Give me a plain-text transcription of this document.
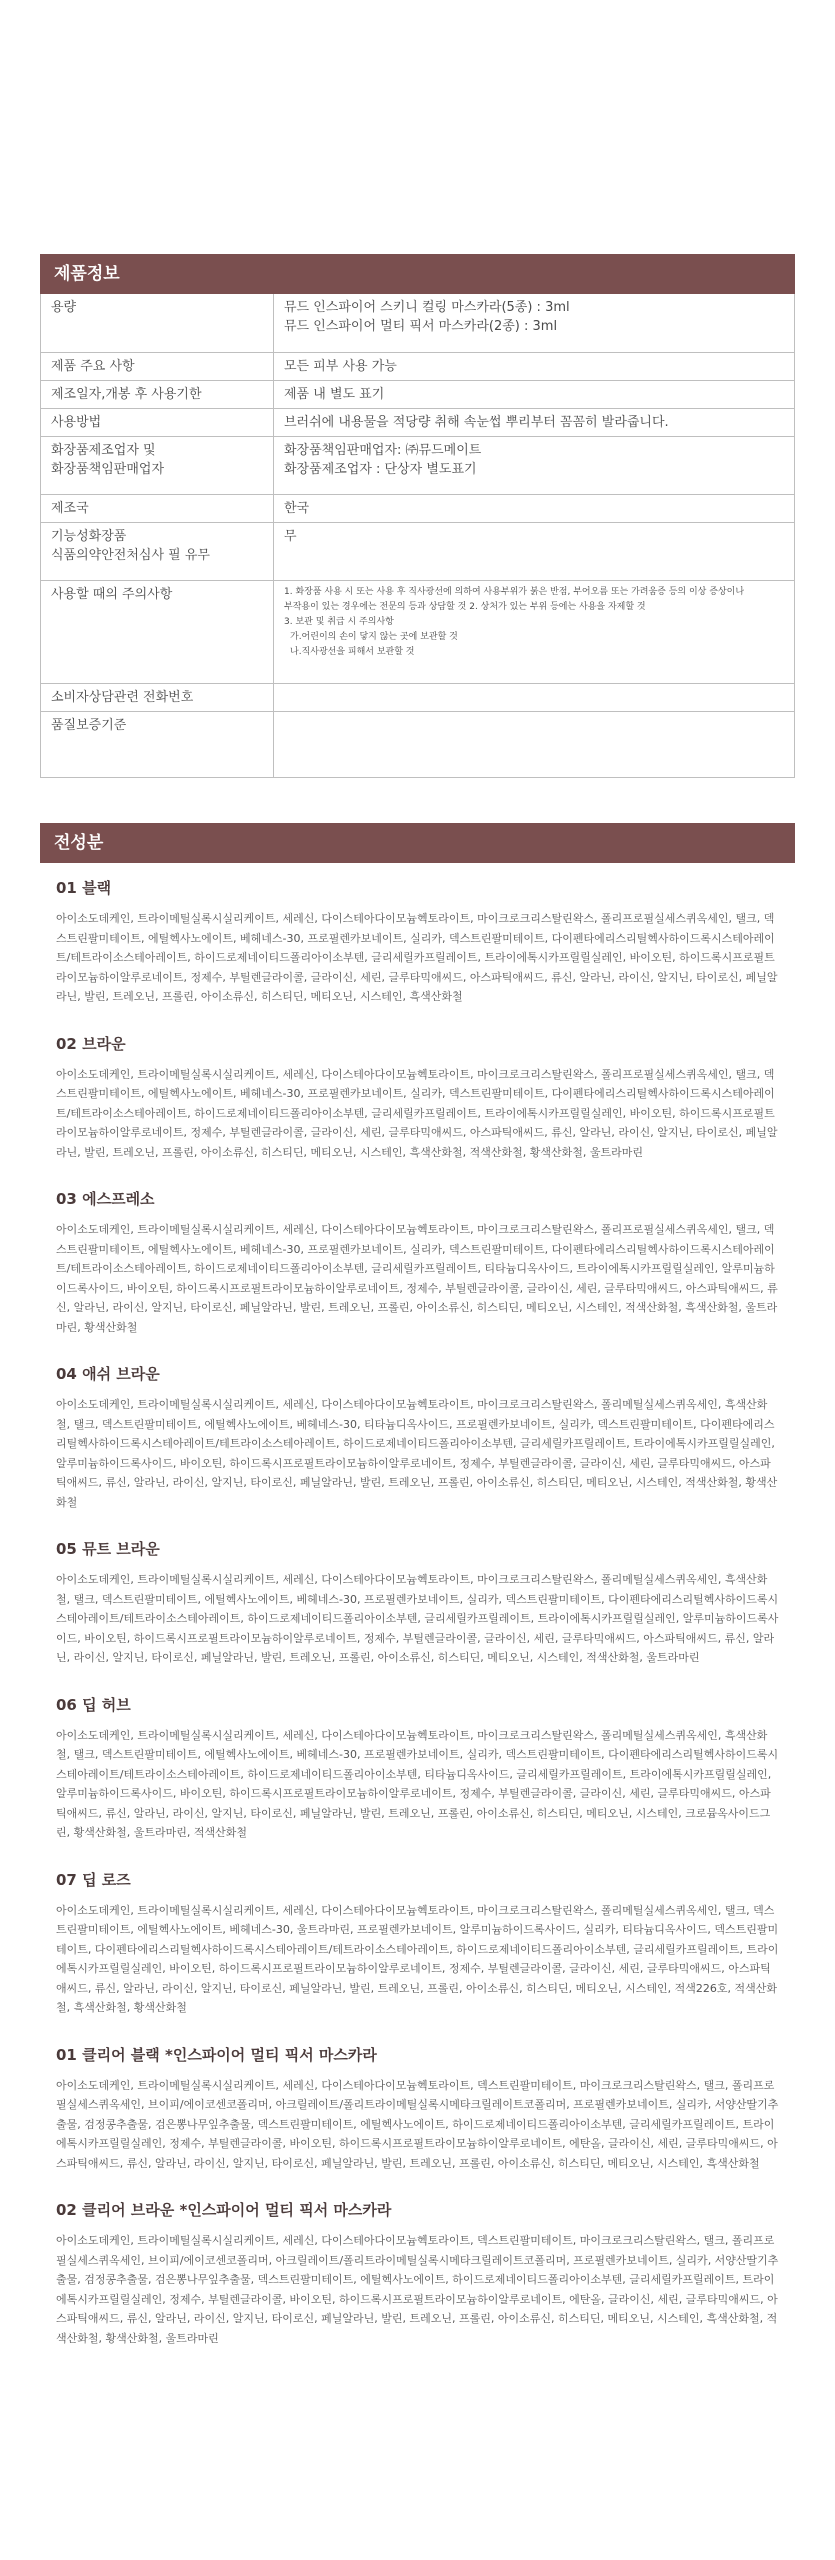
제품정보
용량	뮤드 인스파이어 스키니 컬링 마스카라(5종) : 3ml
뮤드 인스파이어 멀티 픽서 마스카라(2종) : 3ml

제품 주요 사항	모든 피부 사용 가능

제조일자,개봉 후 사용기한	제품 내 별도 표기

사용방법	브러쉬에 내용물을 적당량 취해 속눈썹 뿌리부터 꼼꼼히 발라줍니다.

화장품제조업자 및
화장품책임판매업자	화장품책임판매업자: ㈜뮤드메이트
화장품제조업자 : 단상자 별도표기

제조국	한국

기능성화장품
식품의약안전처심사 필 유무	무

사용할 때의 주의사항	1. 화장품 사용 시 또는 사용 후 직사광선에 의하여 사용부위가 붉은 반점, 부어오름 또는 가려움증 등의 이상 증상이나
부작용이 있는 경우에는 전문의 등과 상담할 것 2. 상처가 있는 부위 등에는 사용을 자제할 것
3. 보관 및 취급 시 주의사항
가.어린이의 손이 닿지 않는 곳에 보관할 것
나.직사광선을 피해서 보관할 것

소비자상담관련 전화번호	

품질보증기준	

전성분
01 블랙
아이소도데케인, 트라이메틸실록시실리케이트, 세레신, 다이스테아다이모늄헥토라이트, 마이크로크리스탈린왁스, 폴리프로필실세스퀴옥세인, 탤크, 덱스트린팔미테이트, 에틸헥사노에이트, 베헤네스-30, 프로필렌카보네이트, 실리카, 덱스트린팔미테이트, 다이펜타에리스리틸헥사하이드록시스테아레이트/테트라이소스테아레이트, 하이드로제네이티드폴리아이소부텐, 글리세릴카프릴레이트, 트라이에톡시카프릴릴실레인, 바이오틴, 하이드록시프로필트라이모늄하이알루로네이트, 정제수, 부틸렌글라이콜, 글라이신, 세린, 글루타믹애씨드, 아스파틱애씨드, 류신, 알라닌, 라이신, 알지닌, 타이로신, 페닐알라닌, 발린, 트레오닌, 프롤린, 아이소류신, 히스티딘, 메티오닌, 시스테인, 흑색산화철
02 브라운
아이소도데케인, 트라이메틸실록시실리케이트, 세레신, 다이스테아다이모늄헥토라이트, 마이크로크리스탈린왁스, 폴리프로필실세스퀴옥세인, 탤크, 덱스트린팔미테이트, 에틸헥사노에이트, 베헤네스-30, 프로필렌카보네이트, 실리카, 덱스트린팔미테이트, 다이펜타에리스리틸헥사하이드록시스테아레이트/테트라이소스테아레이트, 하이드로제네이티드폴리아이소부텐, 글리세릴카프릴레이트, 트라이에톡시카프릴릴실레인, 바이오틴, 하이드록시프로필트라이모늄하이알루로네이트, 정제수, 부틸렌글라이콜, 글라이신, 세린, 글루타믹애씨드, 아스파틱애씨드, 류신, 알라닌, 라이신, 알지닌, 타이로신, 페닐알라닌, 발린, 트레오닌, 프롤린, 아이소류신, 히스티딘, 메티오닌, 시스테인, 흑색산화철, 적색산화철, 황색산화철, 울트라마린
03 에스프레소
아이소도데케인, 트라이메틸실록시실리케이트, 세레신, 다이스테아다이모늄헥토라이트, 마이크로크리스탈린왁스, 폴리프로필실세스퀴옥세인, 탤크, 덱스트린팔미테이트, 에틸헥사노에이트, 베헤네스-30, 프로필렌카보네이트, 실리카, 덱스트린팔미테이트, 다이펜타에리스리틸헥사하이드록시스테아레이트/테트라이소스테아레이트, 하이드로제네이티드폴리아이소부텐, 글리세릴카프릴레이트, 티타늄디옥사이드, 트라이에톡시카프릴릴실레인, 알루미늄하이드록사이드, 바이오틴, 하이드록시프로필트라이모늄하이알루로네이트, 정제수, 부틸렌글라이콜, 글라이신, 세린, 글루타믹애씨드, 아스파틱애씨드, 류신, 알라닌, 라이신, 알지닌, 타이로신, 페닐알라닌, 발린, 트레오닌, 프롤린, 아이소류신, 히스티딘, 메티오닌, 시스테인, 적색산화철, 흑색산화철, 울트라마린, 황색산화철
04 애쉬 브라운
아이소도데케인, 트라이메틸실록시실리케이트, 세레신, 다이스테아다이모늄헥토라이트, 마이크로크리스탈린왁스, 폴리메틸실세스퀴옥세인, 흑색산화철, 탤크, 덱스트린팔미테이트, 에틸헥사노에이트, 베헤네스-30, 티타늄디옥사이드, 프로필렌카보네이트, 실리카, 덱스트린팔미테이트, 다이펜타에리스리틸헥사하이드록시스테아레이트/테트라이소스테아레이트, 하이드로제네이티드폴리아이소부텐, 글리세릴카프릴레이트, 트라이에톡시카프릴릴실레인, 알루미늄하이드록사이드, 바이오틴, 하이드록시프로필트라이모늄하이알루로네이트, 정제수, 부틸렌글라이콜, 글라이신, 세린, 글루타믹애씨드, 아스파틱애씨드, 류신, 알라닌, 라이신, 알지닌, 타이로신, 페닐알라닌, 발린, 트레오닌, 프롤린, 아이소류신, 히스티딘, 메티오닌, 시스테인, 적색산화철, 황색산화철
05 뮤트 브라운
아이소도데케인, 트라이메틸실록시실리케이트, 세레신, 다이스테아다이모늄헥토라이트, 마이크로크리스탈린왁스, 폴리메틸실세스퀴옥세인, 흑색산화철, 탤크, 덱스트린팔미테이트, 에틸헥사노에이트, 베헤네스-30, 프로필렌카보네이트, 실리카, 덱스트린팔미테이트, 다이펜타에리스리틸헥사하이드록시스테아레이트/테트라이소스테아레이트, 하이드로제네이티드폴리아이소부텐, 글리세릴카프릴레이트, 트라이에톡시카프릴릴실레인, 알루미늄하이드록사이드, 바이오틴, 하이드록시프로필트라이모늄하이알루로네이트, 정제수, 부틸렌글라이콜, 글라이신, 세린, 글루타믹애씨드, 아스파틱애씨드, 류신, 알라닌, 라이신, 알지닌, 타이로신, 페닐알라닌, 발린, 트레오닌, 프롤린, 아이소류신, 히스티딘, 메티오닌, 시스테인, 적색산화철, 울트라마린
06 딥 허브
아이소도데케인, 트라이메틸실록시실리케이트, 세레신, 다이스테아다이모늄헥토라이트, 마이크로크리스탈린왁스, 폴리메틸실세스퀴옥세인, 흑색산화철, 탤크, 덱스트린팔미테이트, 에틸헥사노에이트, 베헤네스-30, 프로필렌카보네이트, 실리카, 덱스트린팔미테이트, 다이펜타에리스리틸헥사하이드록시스테아레이트/테트라이소스테아레이트, 하이드로제네이티드폴리아이소부텐, 티타늄디옥사이드, 글리세릴카프릴레이트, 트라이에톡시카프릴릴실레인, 알루미늄하이드록사이드, 바이오틴, 하이드록시프로필트라이모늄하이알루로네이트, 정제수, 부틸렌글라이콜, 글라이신, 세린, 글루타믹애씨드, 아스파틱애씨드, 류신, 알라닌, 라이신, 알지닌, 타이로신, 페닐알라닌, 발린, 트레오닌, 프롤린, 아이소류신, 히스티딘, 메티오닌, 시스테인, 크로뮴옥사이드그린, 황색산화철, 울트라마린, 적색산화철
07 딥 로즈
아이소도데케인, 트라이메틸실록시실리케이트, 세레신, 다이스테아다이모늄헥토라이트, 마이크로크리스탈린왁스, 폴리메틸실세스퀴옥세인, 탤크, 덱스트린팔미테이트, 에틸헥사노에이트, 베헤네스-30, 울트라마린, 프로필렌카보네이트, 알루미늄하이드록사이드, 실리카, 티타늄디옥사이드, 덱스트린팔미테이트, 다이펜타에리스리틸헥사하이드록시스테아레이트/테트라이소스테아레이트, 하이드로제네이티드폴리아이소부텐, 글리세릴카프릴레이트, 트라이에톡시카프릴릴실레인, 바이오틴, 하이드록시프로필트라이모늄하이알루로네이트, 정제수, 부틸렌글라이콜, 글라이신, 세린, 글루타믹애씨드, 아스파틱애씨드, 류신, 알라닌, 라이신, 알지닌, 타이로신, 페닐알라닌, 발린, 트레오닌, 프롤린, 아이소류신, 히스티딘, 메티오닌, 시스테인, 적색226호, 적색산화철, 흑색산화철, 황색산화철
01 클리어 블랙 *인스파이어 멀티 픽서 마스카라
아이소도데케인, 트라이메틸실록시실리케이트, 세레신, 다이스테아다이모늄헥토라이트, 덱스트린팔미테이트, 마이크로크리스탈린왁스, 탤크, 폴리프로필실세스퀴옥세인, 브이피/에이코센코폴리머, 아크릴레이트/폴리트라이메틸실록시메타크릴레이트코폴리머, 프로필렌카보네이트, 실리카, 서양산딸기추출물, 검정콩추출물, 검은뽕나무잎추출물, 덱스트린팔미테이트, 에틸헥사노에이트, 하이드로제네이티드폴리아이소부텐, 글리세릴카프릴레이트, 트라이에톡시카프릴릴실레인, 정제수, 부틸렌글라이콜, 바이오틴, 하이드록시프로필트라이모늄하이알루로네이트, 에탄올, 글라이신, 세린, 글루타믹애씨드, 아스파틱애씨드, 류신, 알라닌, 라이신, 알지닌, 타이로신, 페닐알라닌, 발린, 트레오닌, 프롤린, 아이소류신, 히스티딘, 메티오닌, 시스테인, 흑색산화철
02 클리어 브라운 *인스파이어 멀티 픽서 마스카라
아이소도데케인, 트라이메틸실록시실리케이트, 세레신, 다이스테아다이모늄헥토라이트, 덱스트린팔미테이트, 마이크로크리스탈린왁스, 탤크, 폴리프로필실세스퀴옥세인, 브이피/에이코센코폴리머, 아크릴레이트/폴리트라이메틸실록시메타크릴레이트코폴리머, 프로필렌카보네이트, 실리카, 서양산딸기추출물, 검정콩추출물, 검은뽕나무잎추출물, 덱스트린팔미테이트, 에틸헥사노에이트, 하이드로제네이티드폴리아이소부텐, 글리세릴카프릴레이트, 트라이에톡시카프릴릴실레인, 정제수, 부틸렌글라이콜, 바이오틴, 하이드록시프로필트라이모늄하이알루로네이트, 에탄올, 글라이신, 세린, 글루타믹애씨드, 아스파틱애씨드, 류신, 알라닌, 라이신, 알지닌, 타이로신, 페닐알라닌, 발린, 트레오닌, 프롤린, 아이소류신, 히스티딘, 메티오닌, 시스테인, 흑색산화철, 적색산화철, 황색산화철, 울트라마린
